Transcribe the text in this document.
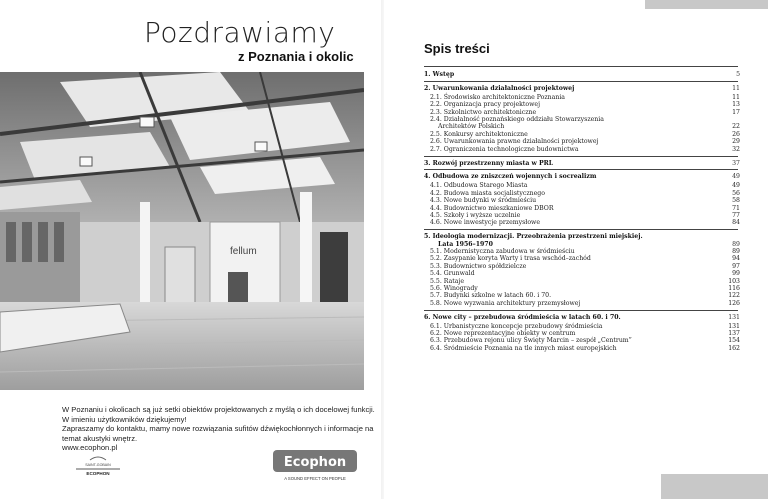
Pozdrawiamy
z Poznania i okolic
fellum
W Poznaniu i okolicach są już setki obiektów projektowanych z myślą o ich docelowej funkcji.
W imieniu użytkowników dziękujemy!
Zapraszamy do kontaktu, mamy nowe rozwiązania sufitów dźwiękochłonnych i informacje na
temat akustyki wnętrz.
www.ecophon.pl
SAINT-GOBAIN
ECOPHON
Ecophon
A SOUND EFFECT ON PEOPLE
Spis treści
1. Wstęp	5
2. Uwarunkowania działalności projektowej	11
2.1. Środowisko architektoniczne Poznania	11
2.2. Organizacja pracy projektowej	13
2.3. Szkolnictwo architektoniczne	17
2.4. Działalność poznańskiego oddziału Stowarzyszenia
Architektów Polskich	22
2.5. Konkursy architektoniczne	26
2.6. Uwarunkowania prawne działalności projektowej	29
2.7. Ograniczenia technologiczne budownictwa	32
3. Rozwój przestrzenny miasta w PRL	37
4. Odbudowa ze zniszczeń wojennych i socrealizm	49
4.1. Odbudowa Starego Miasta	49
4.2. Budowa miasta socjalistycznego	56
4.3. Nowe budynki w śródmieściu	58
4.4. Budownictwo mieszkaniowe DBOR	71
4.5. Szkoły i wyższe uczelnie	77
4.6. Nowe inwestycje przemysłowe	84
5. Ideologia modernizacji. Przeobrażenia przestrzeni miejskiej.
Lata 1956–1970	89
5.1. Modernistyczna zabudowa w śródmieściu	89
5.2. Zasypanie koryta Warty i trasa wschód–zachód	94
5.3. Budownictwo spółdzielcze	97
5.4. Grunwald	99
5.5. Rataje	103
5.6. Winogrady	116
5.7. Budynki szkolne w latach 60. i 70.	122
5.8. Nowe wyzwania architektury przemysłowej	126
6. Nowe city – przebudowa śródmieścia w latach 60. i 70.	131
6.1. Urbanistyczne koncepcje przebudowy śródmieścia	131
6.2. Nowe reprezentacyjne obiekty w centrum	137
6.3. Przebudowa rejonu ulicy Święty Marcin – zespół „Centrum”	154
6.4. Śródmieście Poznania na tle innych miast europejskich	162
